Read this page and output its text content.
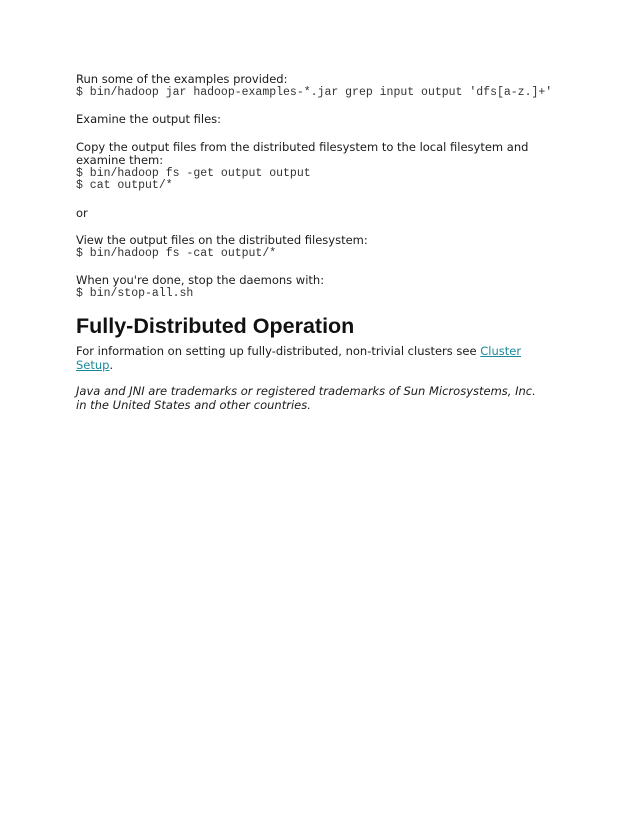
Run some of the examples provided:

$ bin/hadoop jar hadoop-examples-*.jar grep input output 'dfs[a-z.]+'

Examine the output files:

Copy the output files from the distributed filesystem to the local filesytem and examine them:

$ bin/hadoop fs -get output output

$ cat output/*

or

View the output files on the distributed filesystem:

$ bin/hadoop fs -cat output/*

When you're done, stop the daemons with:

$ bin/stop-all.sh

Fully-Distributed Operation

For information on setting up fully-distributed, non-trivial clusters see Cluster Setup.

Java and JNI are trademarks or registered trademarks of Sun Microsystems, Inc. in the United States and other countries.
